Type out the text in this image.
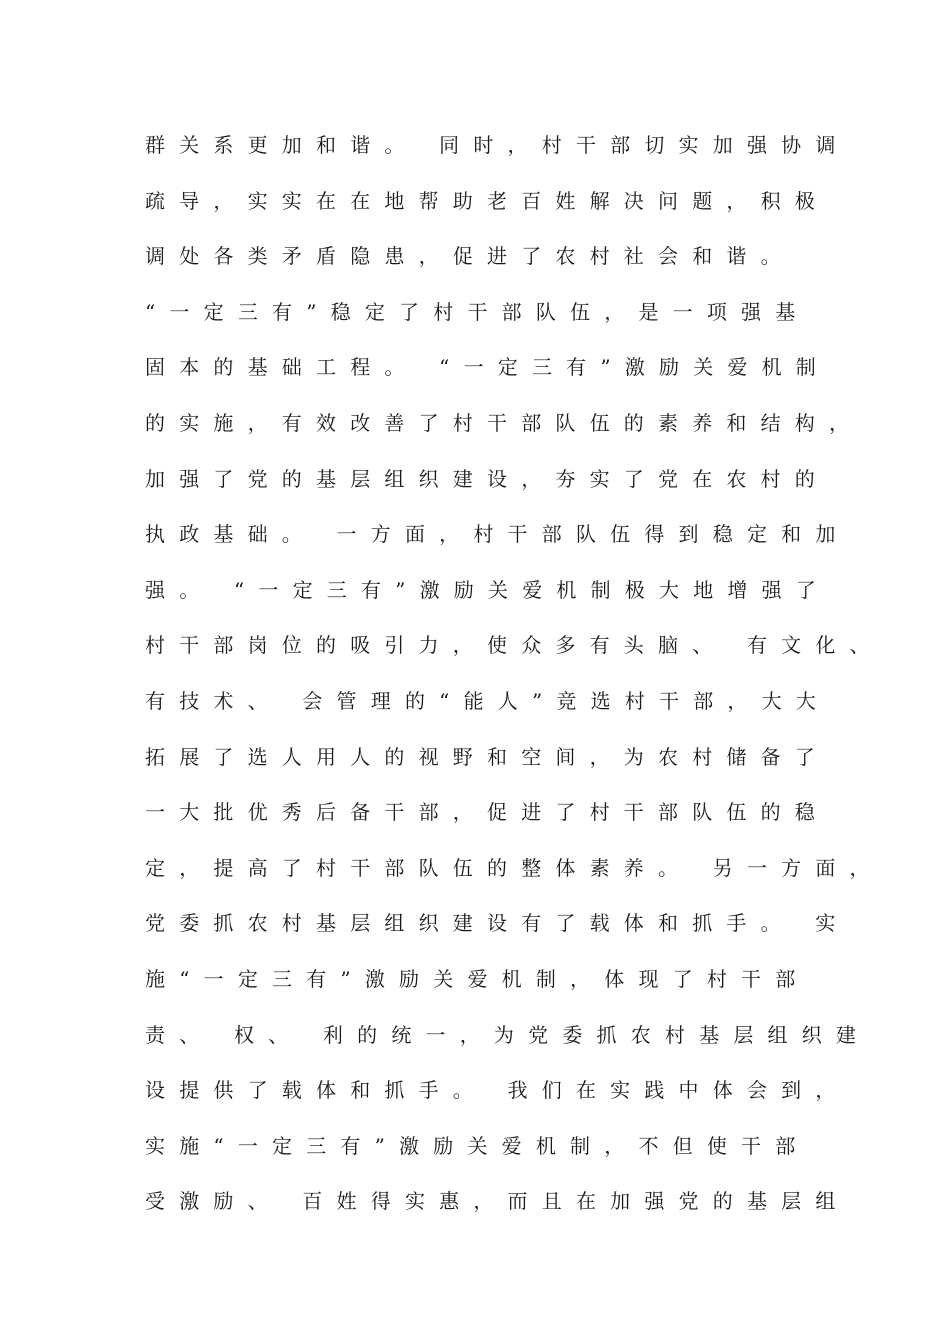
群关系更加和谐。 同时，村干部切实加强协调
疏导，实实在在地帮助老百姓解决问题，积极
调处各类矛盾隐患，促进了农村社会和谐。
“一定三有”稳定了村干部队伍，是一项强基
固本的基础工程。 “一定三有”激励关爱机制
的实施，有效改善了村干部队伍的素养和结构，
加强了党的基层组织建设，夯实了党在农村的
执政基础。 一方面，村干部队伍得到稳定和加
强。 “一定三有”激励关爱机制极大地增强了
村干部岗位的吸引力，使众多有头脑、 有文化、
有技术、 会管理的“能人”竞选村干部，大大
拓展了选人用人的视野和空间，为农村储备了
一大批优秀后备干部，促进了村干部队伍的稳
定，提高了村干部队伍的整体素养。 另一方面，
党委抓农村基层组织建设有了载体和抓手。 实
施“一定三有”激励关爱机制，体现了村干部
责、 权、 利的统一，为党委抓农村基层组织建
设提供了载体和抓手。 我们在实践中体会到，
实施“一定三有”激励关爱机制，不但使干部
受激励、 百姓得实惠，而且在加强党的基层组
